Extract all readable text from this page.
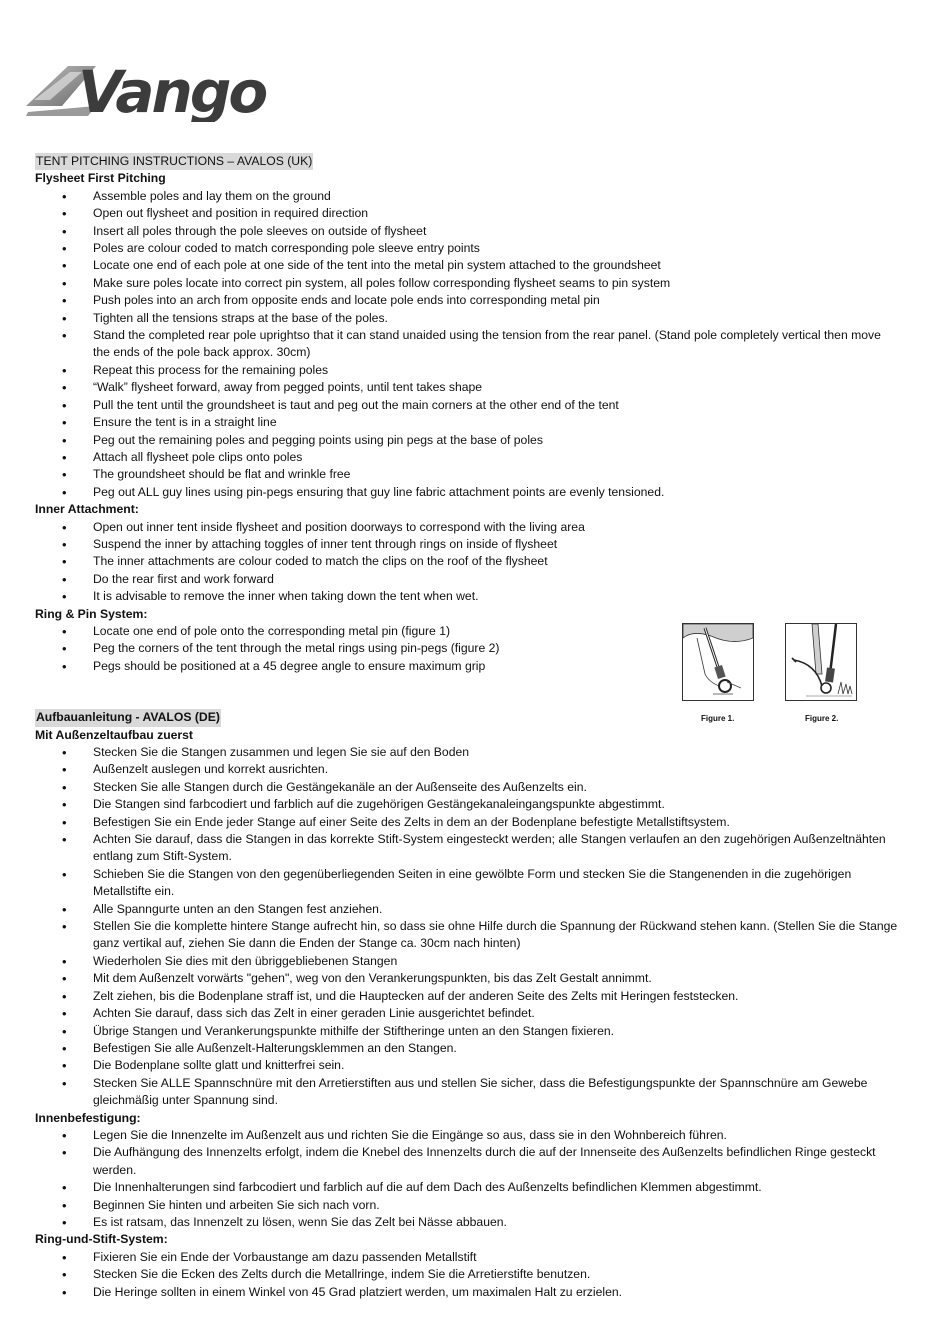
Vango
TENT PITCHING INSTRUCTIONS – AVALOS (UK)
Flysheet First Pitching
• Assemble poles and lay them on the ground
• Open out flysheet and position in required direction
• Insert all poles through the pole sleeves on outside of flysheet
• Poles are colour coded to match corresponding pole sleeve entry points
• Locate one end of each pole at one side of the tent into the metal pin system attached to the groundsheet
• Make sure poles locate into correct pin system, all poles follow corresponding flysheet seams to pin system
• Push poles into an arch from opposite ends and locate pole ends into corresponding metal pin
• Tighten all the tensions straps at the base of the poles.
• Stand the completed rear pole uprightso that it can stand unaided using the tension from the rear panel. (Stand pole completely vertical then move the ends of the pole back approx. 30cm)
• Repeat this process for the remaining poles
• “Walk” flysheet forward, away from pegged points, until tent takes shape
• Pull the tent until the groundsheet is taut and peg out the main corners at the other end of the tent
• Ensure the tent is in a straight line
• Peg out the remaining poles and pegging points using pin pegs at the base of poles
• Attach all flysheet pole clips onto poles
• The groundsheet should be flat and wrinkle free
• Peg out ALL guy lines using pin-pegs ensuring that guy line fabric attachment points are evenly tensioned.
Inner Attachment:
• Open out inner tent inside flysheet and position doorways to correspond with the living area
• Suspend the inner by attaching toggles of inner tent through rings on inside of flysheet
• The inner attachments are colour coded to match the clips on the roof of the flysheet
• Do the rear first and work forward
• It is advisable to remove the inner when taking down the tent when wet.
Ring & Pin System:
• Locate one end of pole onto the corresponding metal pin (figure 1)
• Peg the corners of the tent through the metal rings using pin-pegs (figure 2)
• Pegs should be positioned at a 45 degree angle to ensure maximum grip
Aufbauanleitung - AVALOS (DE)
Mit Außenzeltaufbau zuerst
• Stecken Sie die Stangen zusammen und legen Sie sie auf den Boden
• Außenzelt auslegen und korrekt ausrichten.
• Stecken Sie alle Stangen durch die Gestängekanäle an der Außenseite des Außenzelts ein.
• Die Stangen sind farbcodiert und farblich auf die zugehörigen Gestängekanaleingangspunkte abgestimmt.
• Befestigen Sie ein Ende jeder Stange auf einer Seite des Zelts in dem an der Bodenplane befestigte Metallstiftsystem.
• Achten Sie darauf, dass die Stangen in das korrekte Stift-System eingesteckt werden; alle Stangen verlaufen an den zugehörigen Außenzeltnähten entlang zum Stift-System.
• Schieben Sie die Stangen von den gegenüberliegenden Seiten in eine gewölbte Form und stecken Sie die Stangenenden in die zugehörigen Metallstifte ein.
• Alle Spanngurte unten an den Stangen fest anziehen.
• Stellen Sie die komplette hintere Stange aufrecht hin, so dass sie ohne Hilfe durch die Spannung der Rückwand stehen kann. (Stellen Sie die Stange ganz vertikal auf, ziehen Sie dann die Enden der Stange ca. 30cm nach hinten)
• Wiederholen Sie dies mit den übriggebliebenen Stangen
• Mit dem Außenzelt vorwärts "gehen", weg von den Verankerungspunkten, bis das Zelt Gestalt annimmt.
• Zelt ziehen, bis die Bodenplane straff ist, und die Hauptecken auf der anderen Seite des Zelts mit Heringen feststecken.
• Achten Sie darauf, dass sich das Zelt in einer geraden Linie ausgerichtet befindet.
• Übrige Stangen und Verankerungspunkte mithilfe der Stiftheringe unten an den Stangen fixieren.
• Befestigen Sie alle Außenzelt-Halterungsklemmen an den Stangen.
• Die Bodenplane sollte glatt und knitterfrei sein.
• Stecken Sie ALLE Spannschnüre mit den Arretierstiften aus und stellen Sie sicher, dass die Befestigungspunkte der Spannschnüre am Gewebe gleichmäßig unter Spannung sind.
Innenbefestigung:
• Legen Sie die Innenzelte im Außenzelt aus und richten Sie die Eingänge so aus, dass sie in den Wohnbereich führen.
• Die Aufhängung des Innenzelts erfolgt, indem die Knebel des Innenzelts durch die auf der Innenseite des Außenzelts befindlichen Ringe gesteckt werden.
• Die Innenhalterungen sind farbcodiert und farblich auf die auf dem Dach des Außenzelts befindlichen Klemmen abgestimmt.
• Beginnen Sie hinten und arbeiten Sie sich nach vorn.
• Es ist ratsam, das Innenzelt zu lösen, wenn Sie das Zelt bei Nässe abbauen.
Ring-und-Stift-System:
• Fixieren Sie ein Ende der Vorbaustange am dazu passenden Metallstift
• Stecken Sie die Ecken des Zelts durch die Metallringe, indem Sie die Arretierstifte benutzen.
• Die Heringe sollten in einem Winkel von 45 Grad platziert werden, um maximalen Halt zu erzielen.
Figure 1.	Figure 2.
